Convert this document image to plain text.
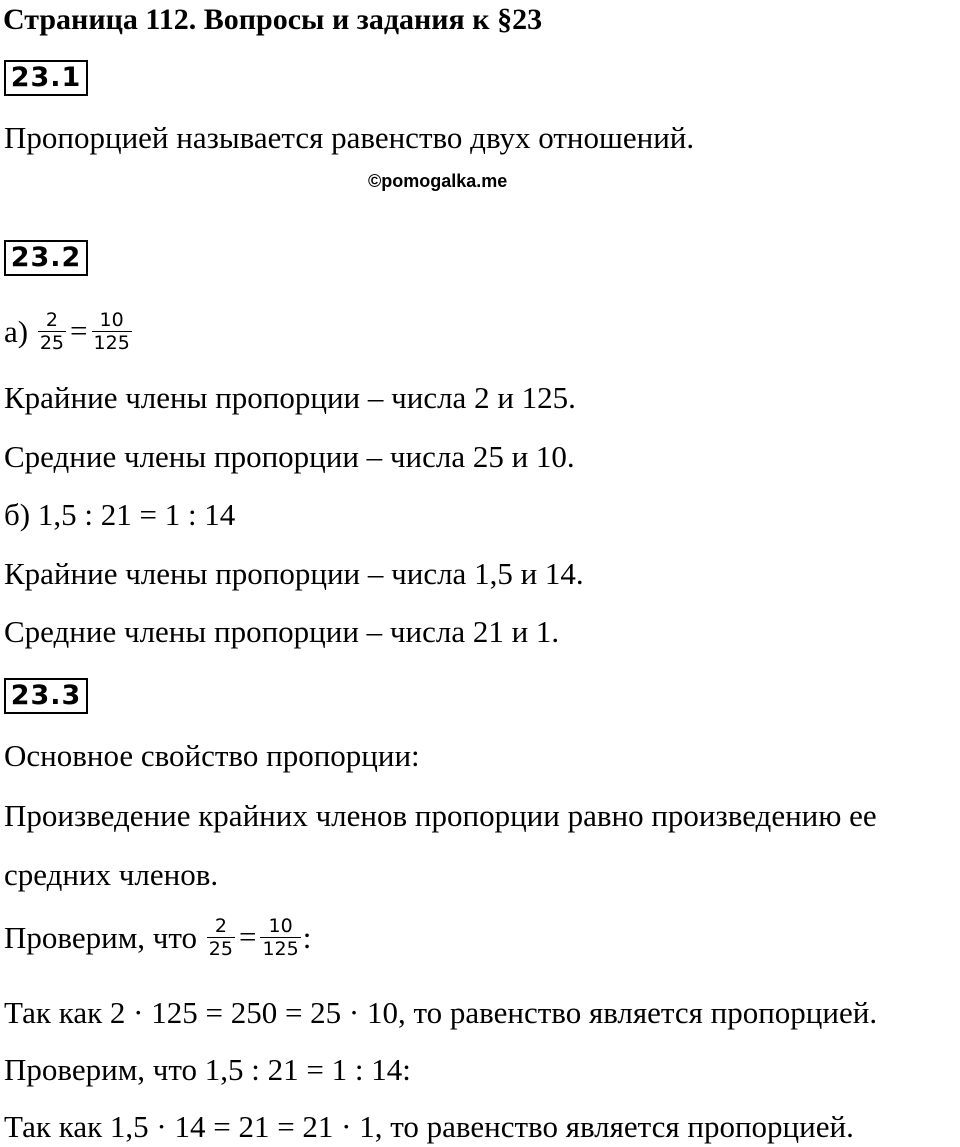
Страница 112. Вопросы и задания к §23
23.1
Пропорцией называется равенство двух отношений.
©pomogalka.me
23.2
$а) \frac{2}{25} = \frac{10}{125}$
Крайние члены пропорции – числа 2 и 125.
Средние члены пропорции – числа 25 и 10.
б) 1,5 : 21 = 1 : 14
Крайние члены пропорции – числа 1,5 и 14.
Средние члены пропорции – числа 21 и 1.
23.3
Основное свойство пропорции:
Произведение крайних членов пропорции равно произведению ее
средних членов.
Проверим, что $\frac{2}{25} = \frac{10}{125}$ :
Так как 2 · 125 = 250 = 25 · 10, то равенство является пропорцией.
Проверим, что 1,5 : 21 = 1 : 14:
Так как 1,5 · 14 = 21 = 21 · 1, то равенство является пропорцией.
